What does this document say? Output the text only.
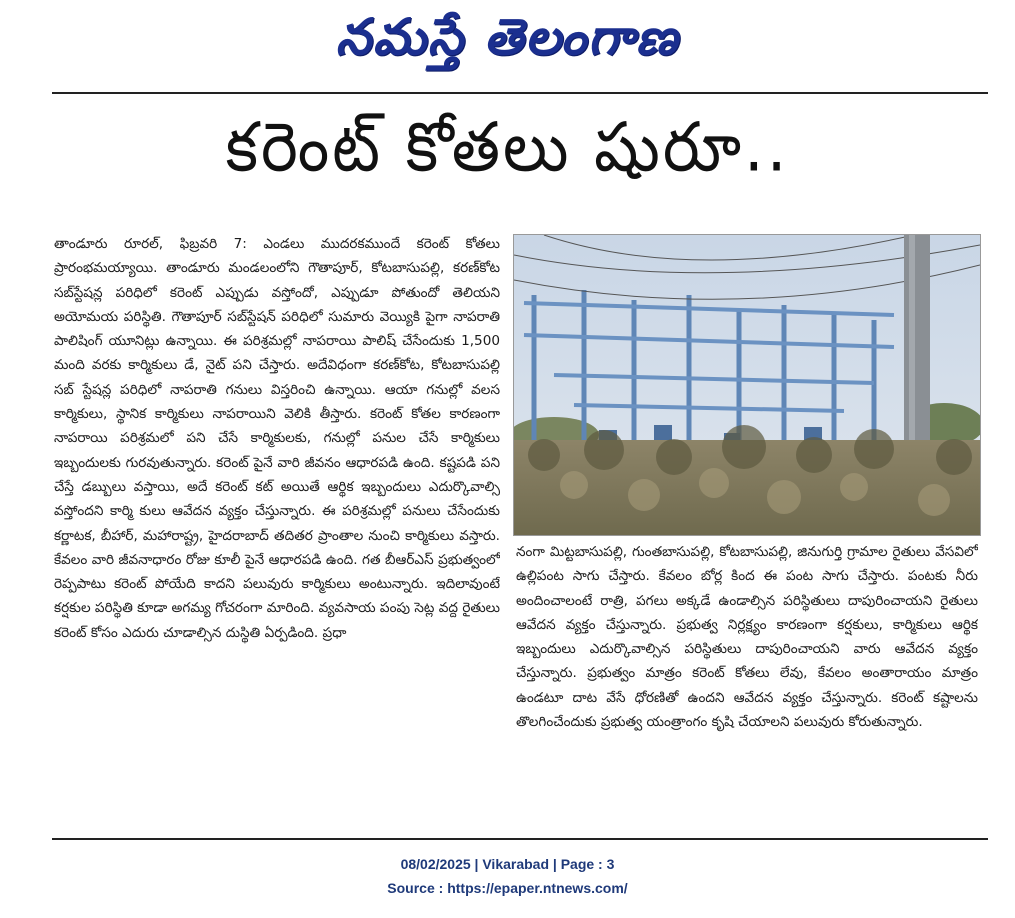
నమస్తే తెలంగాణ
కరెంట్ కోతలు షురూ..
తాండూరు రూరల్, ఫిబ్రవరి 7: ఎండలు ముదరకముందే కరెంట్ కోతలు ప్రారంభమయ్యాయి. తాండూరు మండలంలోని గౌతాపూర్, కోటబాసుపల్లి, కరణ్‌కోట సబ్‌స్టేషన్ల పరిధిలో కరెంట్ ఎప్పుడు వస్తోందో, ఎప్పుడూ పోతుందో తెలియని అయోమయ పరిస్థితి. గౌతాపూర్ సబ్‌స్టేషన్ పరిధిలో సుమారు వెయ్యికి పైగా నాపరాతి పాలిషింగ్ యూనిట్లు ఉన్నాయి. ఈ పరిశ్రమల్లో నాపరాయి పాలిష్ చేసేందుకు 1,500 మంది వరకు కార్మికులు డే, నైట్ పని చేస్తారు. అదేవిధంగా కరణ్‌కోట, కోటబాసుపల్లి సబ్ స్టేషన్ల పరిధిలో నాపరాతి గనులు విస్తరించి ఉన్నాయి. ఆయా గనుల్లో వలస కార్మికులు, స్థానిక కార్మికులు నాపరాయిని వెలికి తీస్తారు. కరెంట్ కోతల కారణంగా నాపరాయి పరిశ్రమలో పని చేసే కార్మికులకు, గనుల్లో పనుల చేసే కార్మికులు ఇబ్బందులకు గురవుతున్నారు. కరెంట్ పైనే వారి జీవనం ఆధారపడి ఉంది. కష్టపడి పని చేస్తే డబ్బులు వస్తాయి, అదే కరెంట్ కట్ అయితే ఆర్థిక ఇబ్బందులు ఎదుర్కొవాల్సి వస్తోందని కార్మి కులు ఆవేదన వ్యక్తం చేస్తున్నారు. ఈ పరిశ్రమల్లో పనులు చేసేందుకు కర్ణాటక, బీహార్, మహారాష్ట్ర, హైదరాబాద్ తదితర ప్రాంతాల నుంచి కార్మికులు వస్తారు. కేవలం వారి జీవనాధారం రోజు కూలీ పైనే ఆధారపడి ఉంది. గత బీఆర్‌ఎస్ ప్రభుత్వంలో రెప్పపాటు కరెంట్ పోయేది కాదని పలువురు కార్మికులు అంటున్నారు. ఇదిలావుంటే కర్షకుల పరిస్థితి కూడా అగమ్య గోచరంగా మారింది. వ్యవసాయ పంపు సెట్ల వద్ద రైతులు కరెంట్ కోసం ఎదురు చూడాల్సిన దుస్థితి ఏర్పడింది. ప్రధా
నంగా మిట్టబాసుపల్లి, గుంతబాసుపల్లి, కోటబాసుపల్లి, జినుగుర్తి గ్రామాల రైతులు వేసవిలో ఉల్లిపంట సాగు చేస్తారు. కేవలం బోర్ల కింద ఈ పంట సాగు చేస్తారు. పంటకు నీరు అందించాలంటే రాత్రి, పగలు అక్కడే ఉండాల్సిన పరిస్థితులు దాపురించాయని రైతులు ఆవేదన వ్యక్తం చేస్తున్నారు. ప్రభుత్వ నిర్లక్ష్యం కారణంగా కర్షకులు, కార్మికులు ఆర్థిక ఇబ్బందులు ఎదుర్కొవాల్సిన పరిస్థితులు దాపురించాయని వారు ఆవేదన వ్యక్తం చేస్తున్నారు. ప్రభుత్వం మాత్రం కరెంట్ కోతలు లేవు, కేవలం అంతారాయం మాత్రం ఉండటూ దాట వేసే ధోరణితో ఉందని ఆవేదన వ్యక్తం చేస్తున్నారు. కరెంట్ కష్టాలను తొలగించేందుకు ప్రభుత్వ యంత్రాంగం కృషి చేయాలని పలువురు కోరుతున్నారు.
08/02/2025 | Vikarabad | Page : 3
Source : https://epaper.ntnews.com/
